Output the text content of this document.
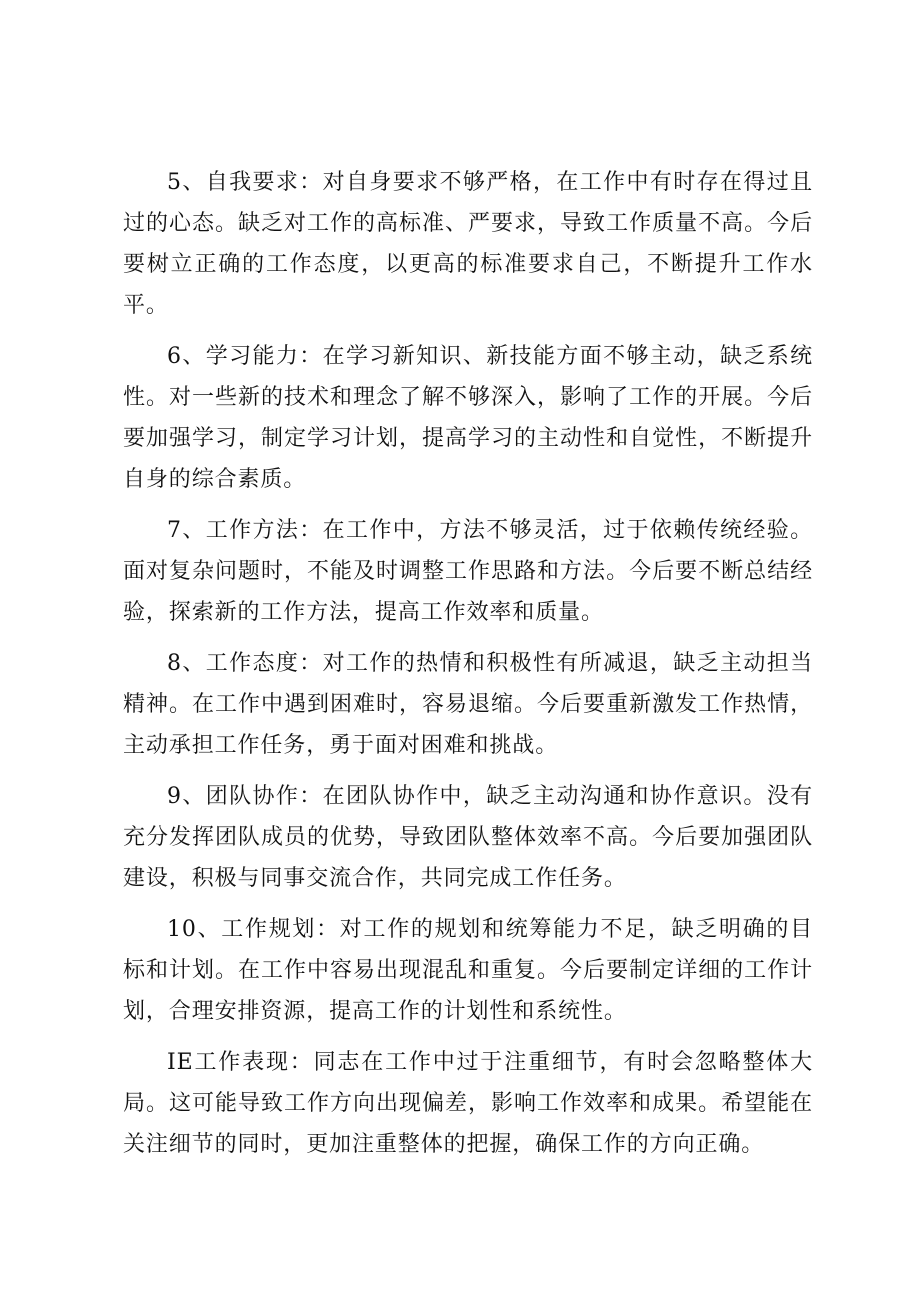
5、自我要求：对自身要求不够严格，在工作中有时存在得过且过的心态。缺乏对工作的高标准、严要求，导致工作质量不高。今后要树立正确的工作态度，以更高的标准要求自己，不断提升工作水平。

6、学习能力：在学习新知识、新技能方面不够主动，缺乏系统性。对一些新的技术和理念了解不够深入，影响了工作的开展。今后要加强学习，制定学习计划，提高学习的主动性和自觉性，不断提升自身的综合素质。

7、工作方法：在工作中，方法不够灵活，过于依赖传统经验。面对复杂问题时，不能及时调整工作思路和方法。今后要不断总结经验，探索新的工作方法，提高工作效率和质量。

8、工作态度：对工作的热情和积极性有所减退，缺乏主动担当精神。在工作中遇到困难时，容易退缩。今后要重新激发工作热情，主动承担工作任务，勇于面对困难和挑战。

9、团队协作：在团队协作中，缺乏主动沟通和协作意识。没有充分发挥团队成员的优势，导致团队整体效率不高。今后要加强团队建设，积极与同事交流合作，共同完成工作任务。

10、工作规划：对工作的规划和统筹能力不足，缺乏明确的目标和计划。在工作中容易出现混乱和重复。今后要制定详细的工作计划，合理安排资源，提高工作的计划性和系统性。

IE工作表现：同志在工作中过于注重细节，有时会忽略整体大局。这可能导致工作方向出现偏差，影响工作效率和成果。希望能在关注细节的同时，更加注重整体的把握，确保工作的方向正确。
